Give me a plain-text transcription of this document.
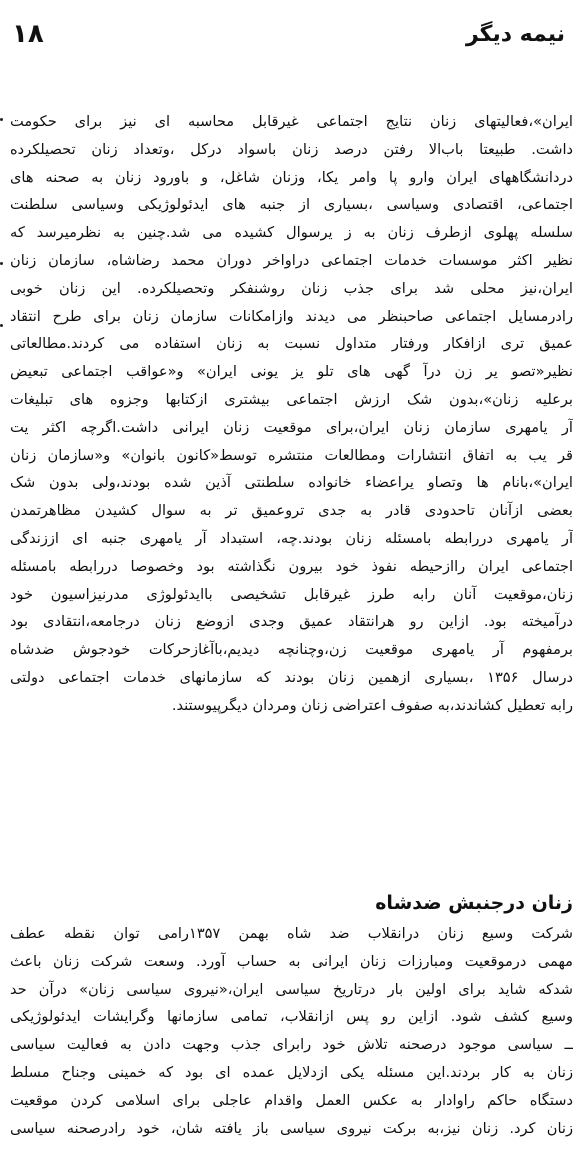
۱۸	نیمه دیگر
ایران»،فعالیتهای زنان نتایج اجتماعی غیرقابل محاسبه ای نیز برای حکومت
داشت. طبیعتا باب‌الا رفتن درصد زنان باسواد درکل ،وتعداد زنان تحصیلکرده
دردانشگاههای ایران وارو پا وامر یکا، وزنان شاغل، و باورود زنان به صحنه های
اجتماعی، اقتصادی وسیاسی ،بسیاری از جنبه های ایدئولوژیکی وسیاسی سلطنت
سلسله پهلوی ازطرف زنان به ز یرسوال کشیده می شد.چنین به نظرمیرسد که
نظیر اکثر موسسات خدمات اجتماعی دراواخر دوران محمد رضاشاه، سازمان زنان
ایران،نیز محلی شد برای جذب زنان روشنفکر وتحصیلکرده. این زنان خوبی
رادرمسایل اجتماعی صاحبنظر می دیدند وازامکانات سازمان زنان برای طرح انتقاد
عمیق تری ازافکار ورفتار متداول نسبت به زنان استفاده می کردند.مطالعاتی
نظیر«تصو یر زن درآ گهی های تلو یز یونی ایران» و«عواقب اجتماعی تبعیض
برعلیه زنان»،بدون شک ارزش اجتماعی بیشتری ازکتابها وجزوه های تبلیغات
آر یامهری سازمان زنان ایران،برای موقعیت زنان ایرانی داشت.اگرچه اکثر یت
قر یب به اتفاق انتشارات ومطالعات منتشره توسط«کانون بانوان» و«سازمان زنان
ایران»،بانام ها وتصاو یراعضاء خانواده سلطنتی آذین شده بودند،ولی بدون شک
بعضی ازآنان تاحدودی قادر به جدی تروعمیق تر به سوال کشیدن مظاهرتمدن
آر یامهری دررابطه بامسئله زنان بودند.چه، استبداد آر یامهری جنبه ای اززندگی
اجتماعی ایران راازحیطه نفوذ خود بیرون نگذاشته بود وخصوصا دررابطه بامسئله
زنان،موقعیت آنان رابه طرز غیرقابل تشخیصی باایدئولوژی مدرنیزاسیون خود
درآمیخته بود. ازاین رو هرانتقاد عمیق وجدی ازوضع زنان درجامعه،انتقادی بود
برمفهوم آر یامهری موقعیت زن،وچنانچه دیدیم،باآغازحرکات خودجوش ضدشاه
درسال ۱۳۵۶ ،بسیاری ازهمین زنان بودند که سازمانهای خدمات اجتماعی دولتی
رابه تعطیل کشاندند،به صفوف اعتراضی زنان ومردان دیگرپیوستند.
زنان درجنبش ضدشاه
شرکت وسیع زنان درانقلاب ضد شاه بهمن ۱۳۵۷رامی توان نقطه عطف
مهمی درموقعیت ومبارزات زنان ایرانی به حساب آورد. وسعت شرکت زنان باعث
شدکه شاید برای اولین بار درتاریخ سیاسی ایران،«نیروی سیاسی زنان» درآن حد
وسیع کشف شود. ازاین رو پس ازانقلاب، تمامی سازمانها وگرایشات ایدئولوژیکی
ــ سیاسی موجود درصحنه تلاش خود رابرای جذب وجهت دادن به فعالیت سیاسی
زنان به کار بردند.این مسئله یکی ازدلایل عمده ای بود که خمینی وجناح مسلط
دستگاه حاکم راوادار به عکس العمل واقدام عاجلی برای اسلامی کردن موقعیت
زنان کرد. زنان نیز،به برکت نیروی سیاسی باز یافته شان، خود رادرصحنه سیاسی
